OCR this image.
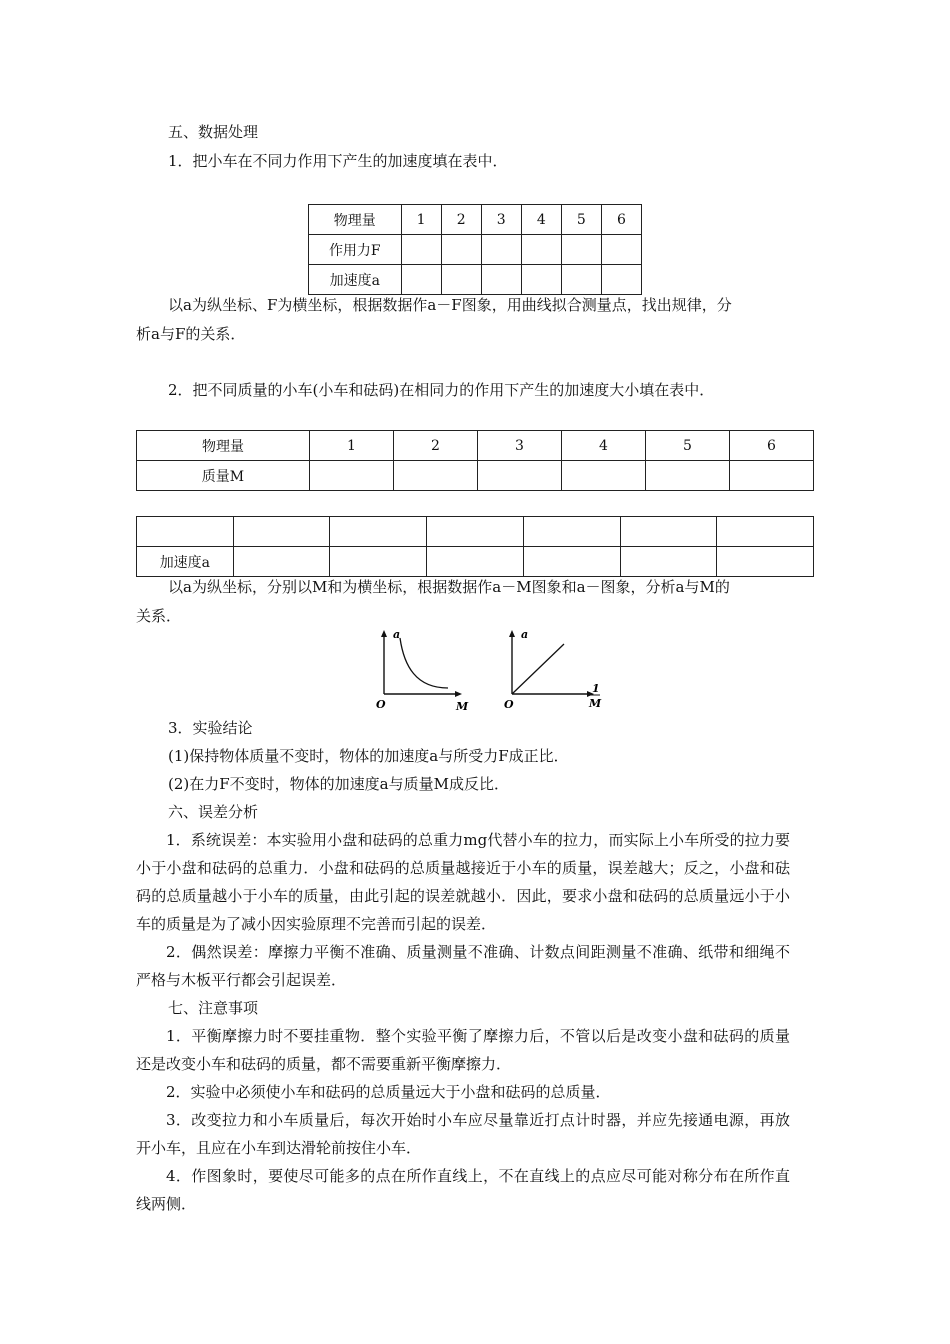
五、数据处理
1．把小车在不同力作用下产生的加速度填在表中．
物理量	1	2	3	4	5	6
作用力F						
加速度a						
以a为纵坐标、F为横坐标，根据数据作a－F图象，用曲线拟合测量点，找出规律，分
析a与F的关系．
2．把不同质量的小车(小车和砝码)在相同力的作用下产生的加速度大小填在表中．
物理量	1	2	3	4	5	6
质量M						

加速度a						
以a为纵坐标，分别以M和为横坐标，根据数据作a－M图象和a－图象，分析a与M的
关系．
a
O	M
a
O
1
M
3．实验结论
(1)保持物体质量不变时，物体的加速度a与所受力F成正比．
(2)在力F不变时，物体的加速度a与质量M成反比．
六、误差分析
1．系统误差：本实验用小盘和砝码的总重力mg代替小车的拉力，而实际上小车所受的拉力要小于小盘和砝码的总重力．小盘和砝码的总质量越接近于小车的质量，误差越大；反之，小盘和砝码的总质量越小于小车的质量，由此引起的误差就越小．因此，要求小盘和砝码的总质量远小于小车的质量是为了减小因实验原理不完善而引起的误差．
2．偶然误差：摩擦力平衡不准确、质量测量不准确、计数点间距测量不准确、纸带和细绳不严格与木板平行都会引起误差．
七、注意事项
1．平衡摩擦力时不要挂重物．整个实验平衡了摩擦力后，不管以后是改变小盘和砝码的质量还是改变小车和砝码的质量，都不需要重新平衡摩擦力．
2．实验中必须使小车和砝码的总质量远大于小盘和砝码的总质量．
3．改变拉力和小车质量后，每次开始时小车应尽量靠近打点计时器，并应先接通电源，再放开小车，且应在小车到达滑轮前按住小车．
4．作图象时，要使尽可能多的点在所作直线上，不在直线上的点应尽可能对称分布在所作直线两侧．
